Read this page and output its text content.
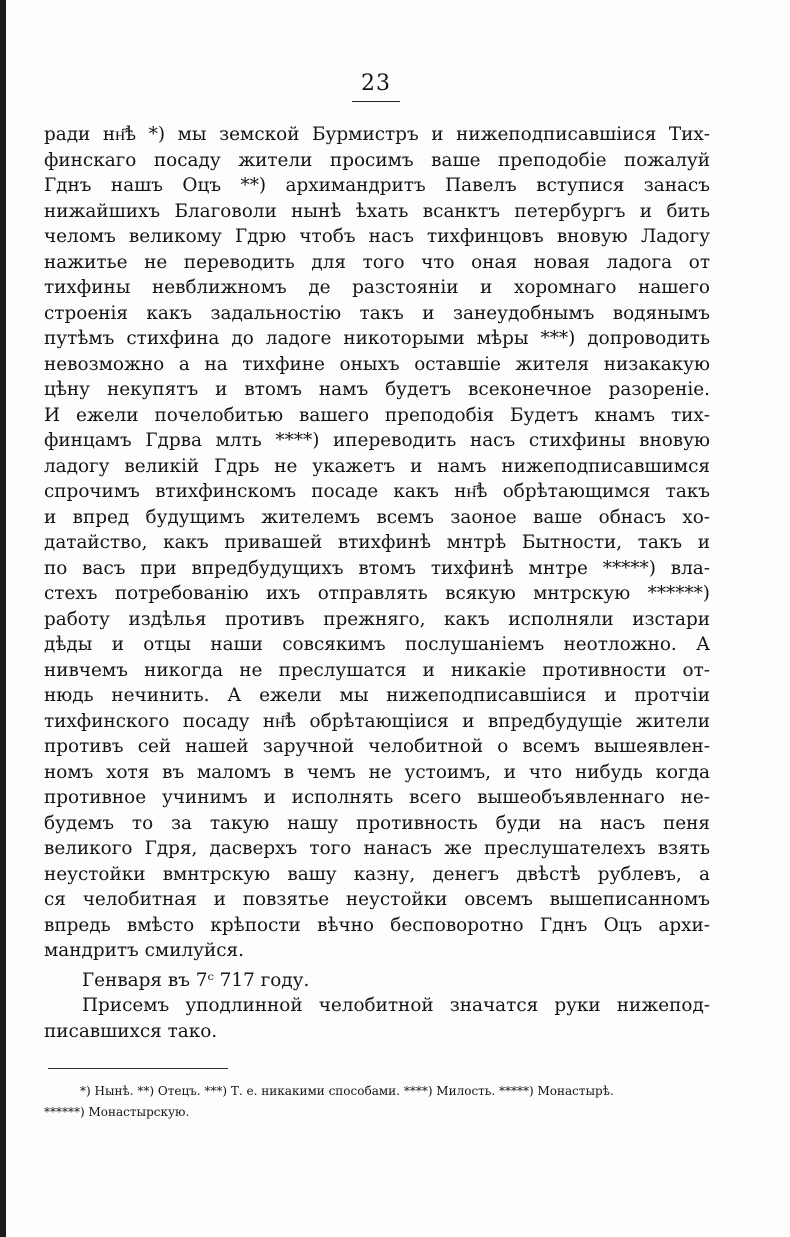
23
ради нн҃ѣ *) мы земской Бурмистръ и нижеподписавшiися Тих-
финскаго посаду жители просимъ ваше преподобiе пожалуй
Гднъ нашъ Оцъ **) архимандритъ Павелъ вступися занасъ
нижайшихъ Благоволи нынѣ ѣхать всанктъ петербургъ и бить
челомъ великому Гдрю чтобъ насъ тихфинцовъ вновую Ладогу
нажитье не переводить для того что оная новая ладога от
тихфины невближномъ де разстоянiи и хоромнаго нашего
строенiя какъ задальностiю такъ и занеудобнымъ водянымъ
путѣмъ стихфина до ладоге никоторыми мѣры ***) допроводить
невозможно а на тихфине оныхъ оставшiе жителя низакакую
цѣну некупятъ и втомъ намъ будетъ всеконечное разоренiе.
И ежели почелобитью вашего преподобiя Будетъ кнамъ тих-
финцамъ Гдрва млть ****) ипереводить насъ стихфины вновую
ладогу великiй Гдрь не укажетъ и намъ нижеподписавшимся
спрочимъ втихфинскомъ посаде какъ нн҃ѣ обрѣтающимся такъ
и впред будущимъ жителемъ всемъ заоное ваше обнасъ хо-
датайство, какъ привашей втихфинѣ мнтрѣ Бытности, такъ и
по васъ при впредбудущихъ втомъ тихфинѣ мнтре *****) вла-
стехъ потребованiю ихъ отправлять всякую мнтрскую ******)
работу издѣлья противъ прежняго, какъ исполняли изстари
дѣды и отцы наши совсякимъ послушанiемъ неотложно. А
нивчемъ никогда не преслушатся и никакiе противности от-
нюдь нечинить. А ежели мы нижеподписавшiися и протчiи
тихфинского посаду нн҃ѣ обрѣтающiися и впредбудущiе жители
противъ сей нашей заручной челобитной о всемъ вышеявлен-
номъ хотя въ маломъ в чемъ не устоимъ, и что нибудь когда
противное учинимъ и исполнять всего вышеобъявленнаго не-
будемъ то за такую нашу противность буди на насъ пеня
великого Гдря, дасверхъ того нанасъ же преслушателехъ взять
неустойки вмнтрскую вашу казну, денегъ двѣстѣ рублевъ, а
ся челобитная и повзятье неустойки овсемъ вышеписанномъ
впредь вмѣсто крѣпости вѣчно бесповоротно Гднъ Оцъ архи-
мандритъ смилуйся.
Генваря въ 7ᶜ 717 году.
Присемъ уподлинной челобитной значатся руки нижепод-
писавшихся тако.
*) Нынѣ. **) Отецъ. ***) Т. е. никакими способами. ****) Милость. *****) Монастырѣ.
******) Монастырскую.
